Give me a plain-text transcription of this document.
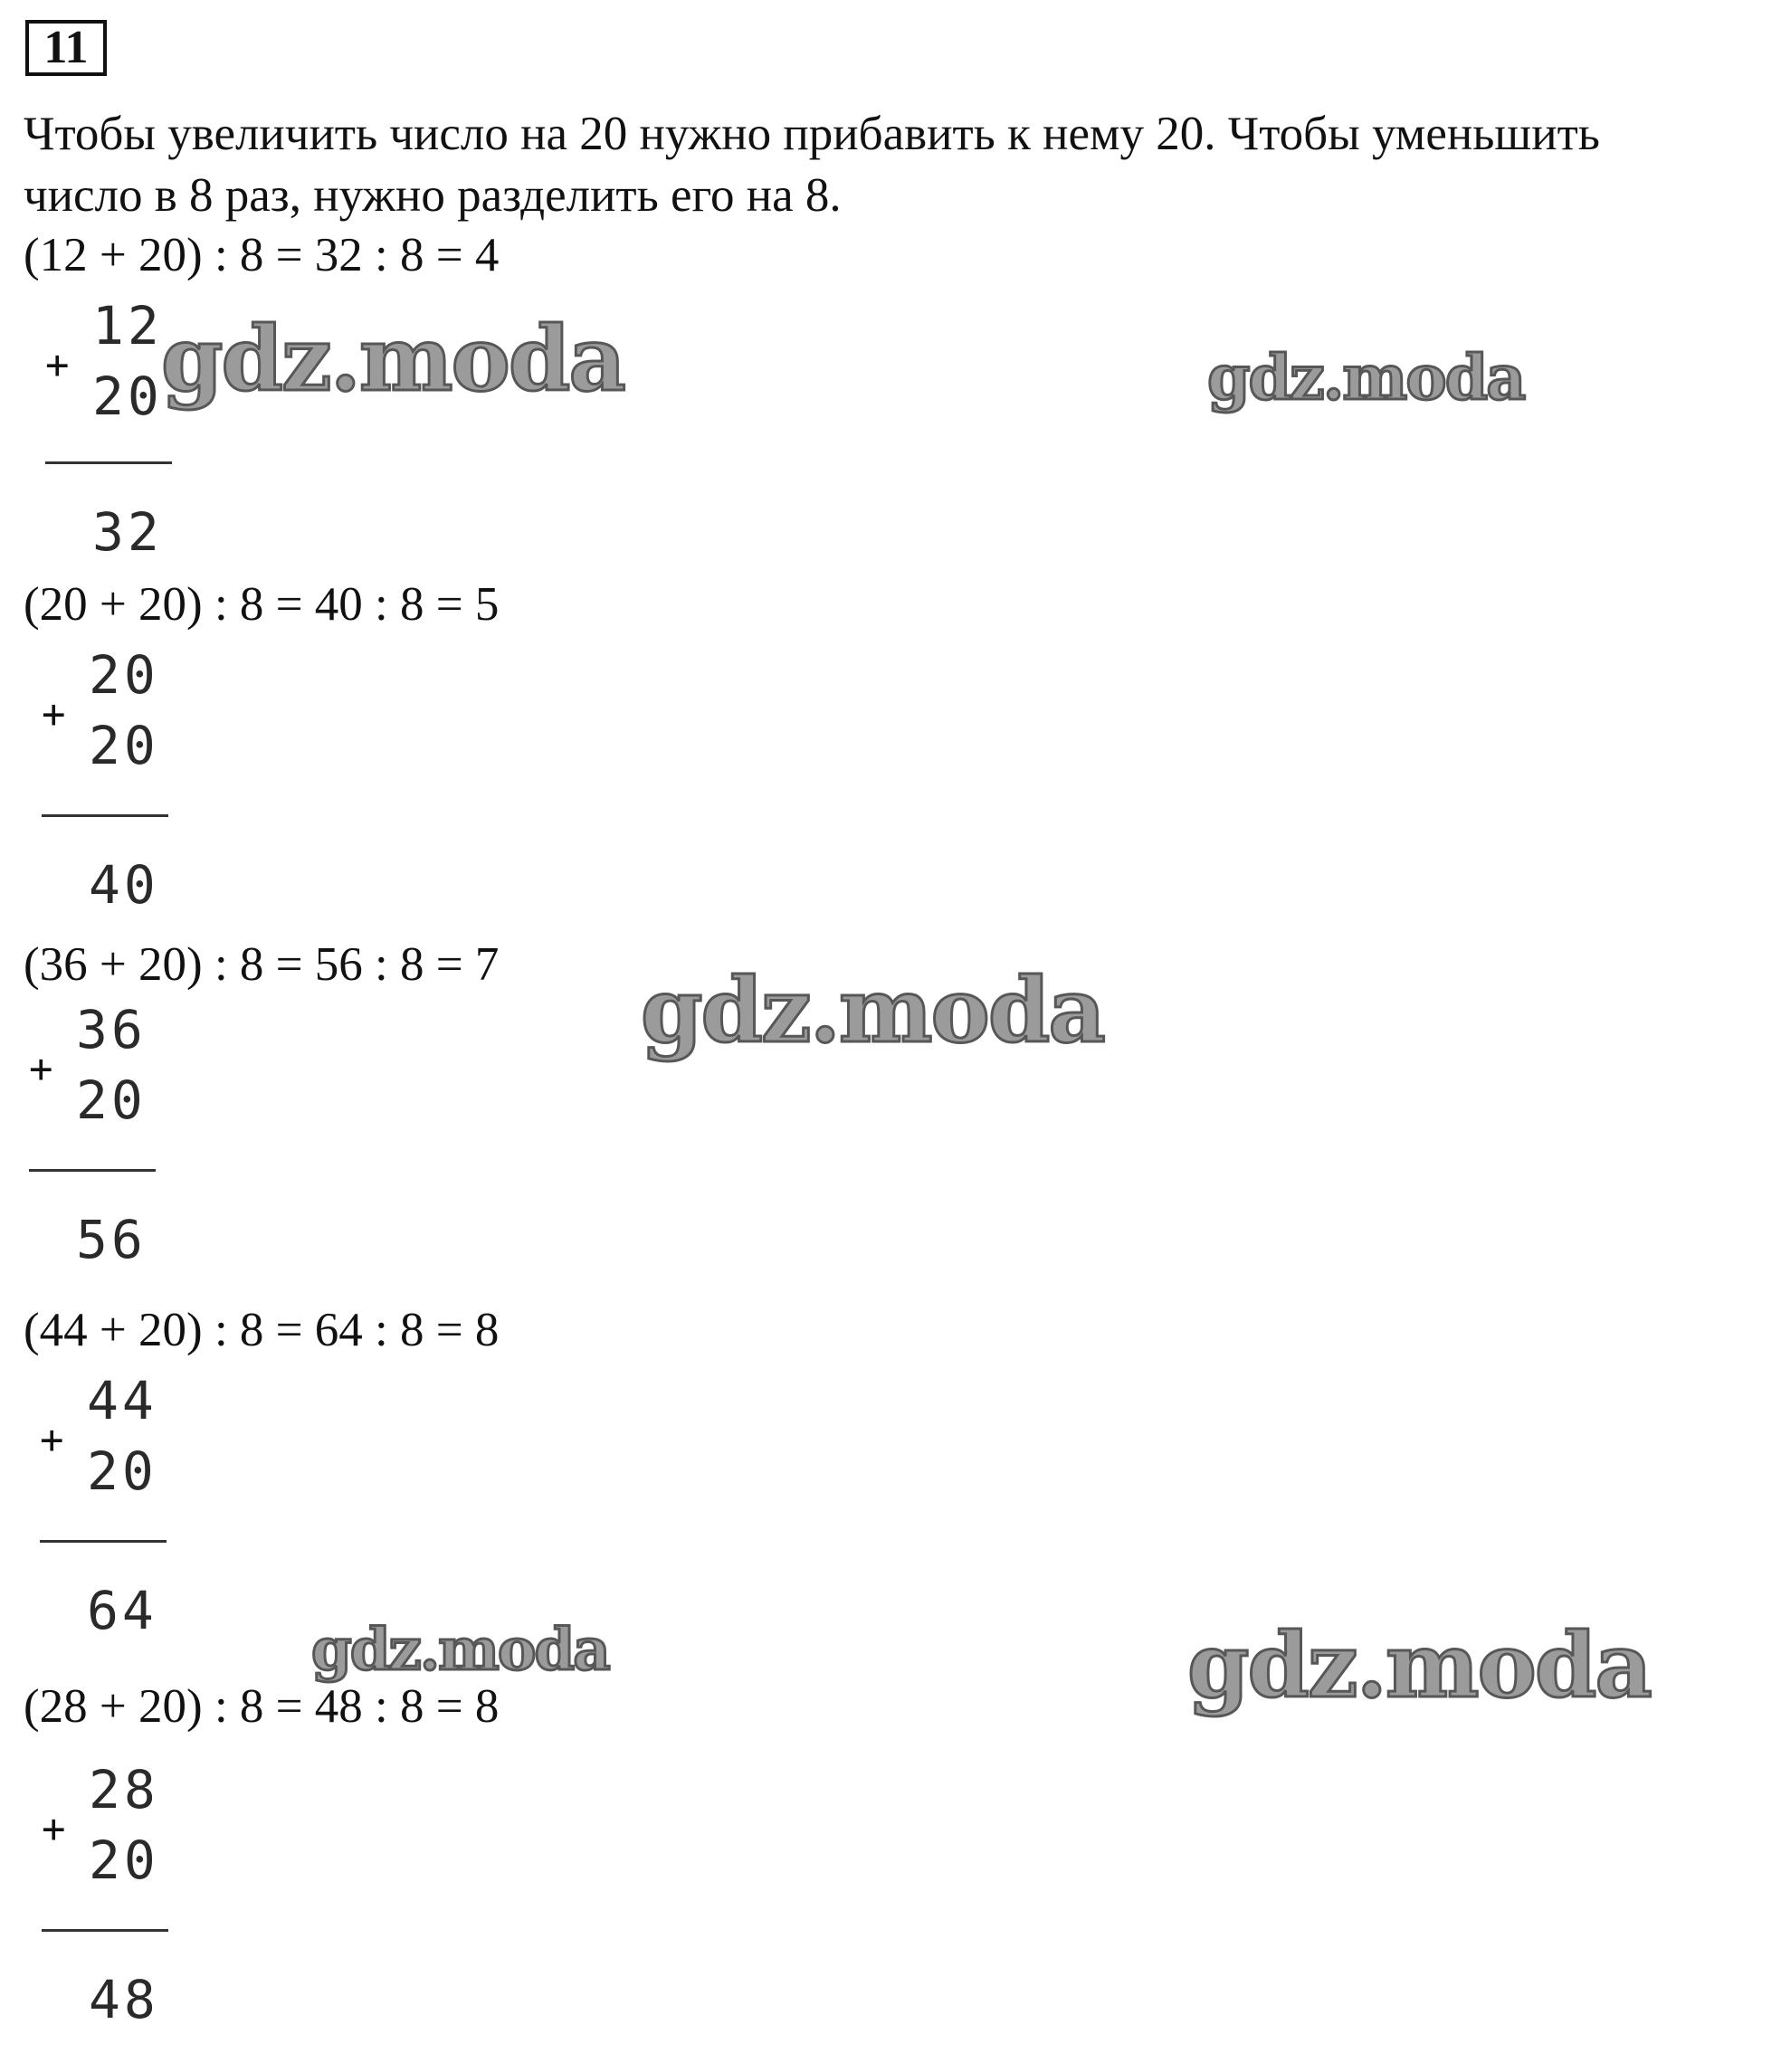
11
Чтобы увеличить число на 20 нужно прибавить к нему 20. Чтобы уменьшить
число в 8 раз, нужно разделить его на 8.
(12 + 20) : 8 = 32 : 8 = 4
+
12
20
32
(20 + 20) : 8 = 40 : 8 = 5
+
20
20
40
(36 + 20) : 8 = 56 : 8 = 7
+
36
20
56
(44 + 20) : 8 = 64 : 8 = 8
+
44
20
64
(28 + 20) : 8 = 48 : 8 = 8
+
28
20
48
gdz.moda	gdz.moda
gdz.moda
gdz.moda	gdz.moda
